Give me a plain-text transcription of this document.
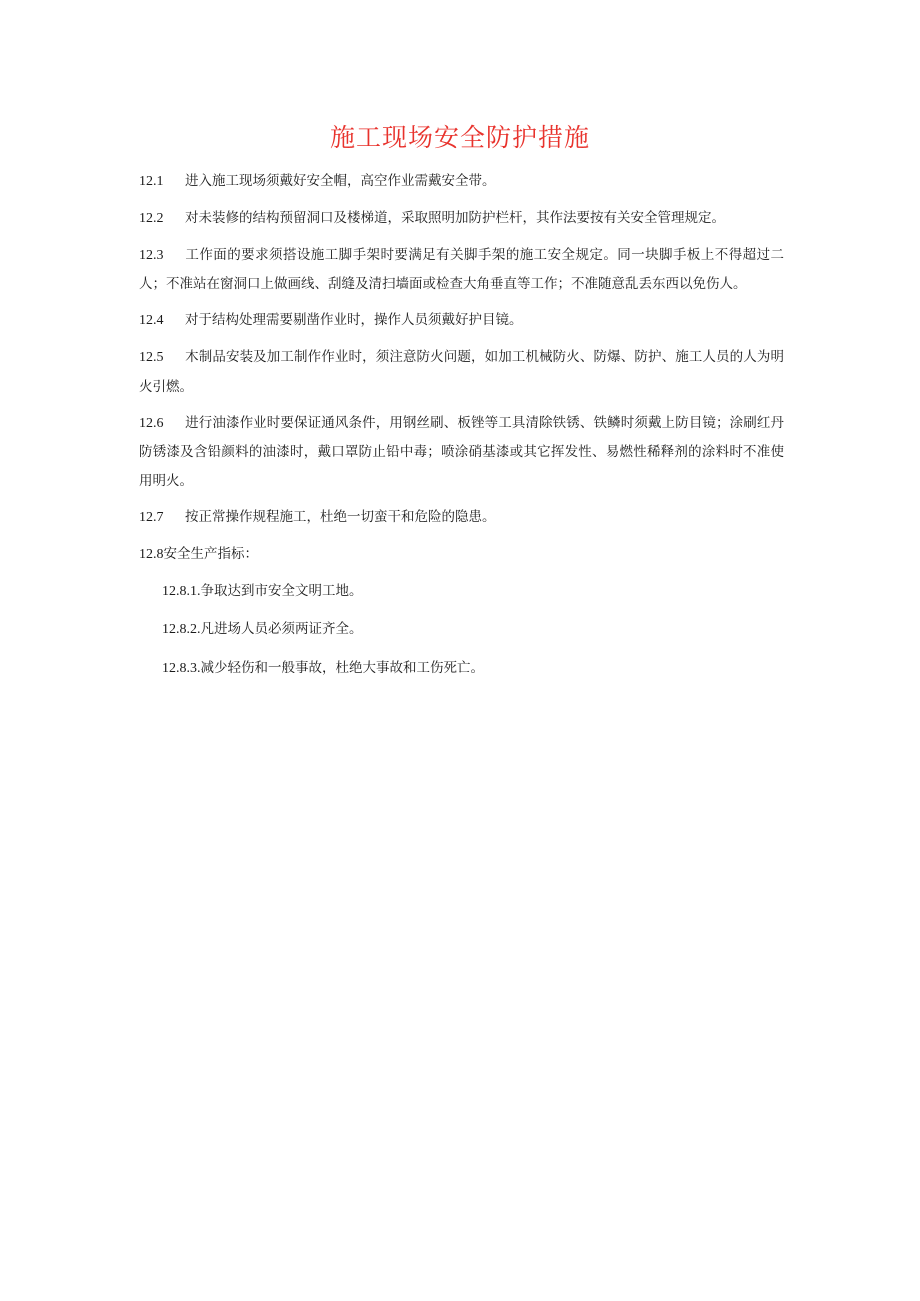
施工现场安全防护措施

12.1 进入施工现场须戴好安全帽，高空作业需戴安全带。

12.2 对未装修的结构预留洞口及楼梯道，采取照明加防护栏杆，其作法要按有关安全管理规定。

12.3 工作面的要求须搭设施工脚手架时要满足有关脚手架的施工安全规定。同一块脚手板上不得超过二人；不准站在窗洞口上做画线、刮缝及清扫墙面或检查大角垂直等工作；不准随意乱丢东西以免伤人。

12.4 对于结构处理需要剔凿作业时，操作人员须戴好护目镜。

12.5 木制品安装及加工制作作业时，须注意防火问题，如加工机械防火、防爆、防护、施工人员的人为明火引燃。

12.6 进行油漆作业时要保证通风条件，用钢丝刷、板锉等工具清除铁锈、铁鳞时须戴上防目镜；涂刷红丹防锈漆及含铅颜料的油漆时，戴口罩防止铅中毒；喷涂硝基漆或其它挥发性、易燃性稀释剂的涂料时不准使用明火。

12.7 按正常操作规程施工，杜绝一切蛮干和危险的隐患。

12.8安全生产指标：

12.8.1.争取达到市安全文明工地。

12.8.2.凡进场人员必须两证齐全。

12.8.3.减少轻伤和一般事故，杜绝大事故和工伤死亡。
